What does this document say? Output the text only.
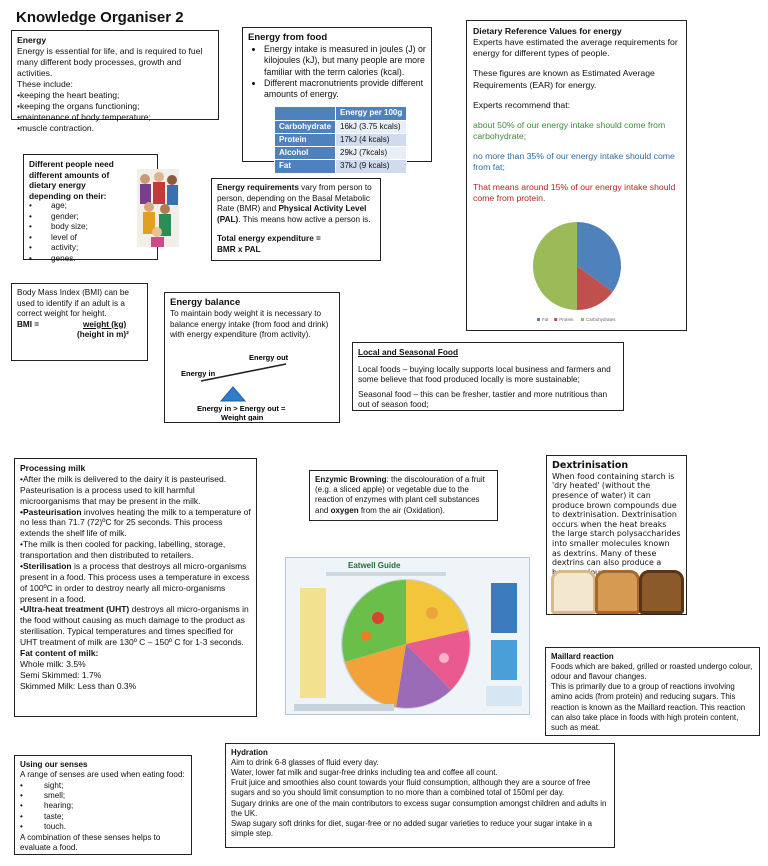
Knowledge Organiser 2
Energy
Energy is essential for life, and is required to fuel many different body processes, growth and activities.
These include:
•keeping the heart beating;
•keeping the organs functioning;
•maintenance of body temperature;
•muscle contraction.
Energy from food
• Energy intake is measured in joules (J) or kilojoules (kJ), but many people are more familiar with the term calories (kcal).
• Different macronutrients provide different amounts of energy.
	Energy per 100g
Carbohydrate	16kJ (3.75 kcals)
Protein	17kJ (4 kcals)
Alcohol	29kJ (7kcals)
Fat	37kJ (9 kcals)
Dietary Reference Values for energy
Experts have estimated the average requirements for energy for different types of people.
These figures are known as Estimated Average Requirements (EAR) for energy.
Experts recommend that:
about 50% of our energy intake should come from carbohydrate;
no more than 35% of our energy intake should come from fat;
That means around 15% of our energy intake should come from protein.
Fat Protein	Carbohydrates
Different people need different amounts of dietary energy depending on their:
• age;
• gender;
• body size;
• level of
• activity;
• genes.
Energy requirements vary from person to person, depending on the Basal Metabolic Rate (BMR) and Physical Activity Level (PAL). This means how active a person is.
Total energy expenditure =
BMR x PAL
Body Mass Index (BMI) can be used to identify if an adult is a correct weight for height.
BMI =	weight (kg)
(height in m)²
Energy balance
To maintain body weight it is necessary to balance energy intake (from food and drink) with energy expenditure (from activity).
Energy out
Energy in
Energy in > Energy out =
Weight gain
Local and Seasonal Food
Local foods – buying locally supports local business and farmers and some believe that food produced locally is more sustainable;
Seasonal food – this can be fresher, tastier and more nutritious than out of season food;
Processing milk
•After the milk is delivered to the dairy it is pasteurised. Pasteurisation is a process used to kill harmful microorganisms that may be present in the milk.
•Pasteurisation involves heating the milk to a temperature of no less than 71.7 (72)ºC for 25 seconds. This process extends the shelf life of milk.
•The milk is then cooled for packing, labelling, storage, transportation and then distributed to retailers.
•Sterilisation is a process that destroys all micro-organisms present in a food. This process uses a temperature in excess of 100ºC in order to destroy nearly all micro-organisms present in a food.
•Ultra-heat treatment (UHT) destroys all micro-organisms in the food without causing as much damage to the product as sterilisation. Typical temperatures and times specified for UHT treatment of milk are 130º C – 150º C for 1-3 seconds.
Fat content of milk:
Whole milk: 3.5%
Semi Skimmed: 1.7%
Skimmed Milk: Less than 0.3%
Enzymic Browning: the discolouration of a fruit (e.g. a sliced apple) or vegetable due to the reaction of enzymes with plant cell substances and oxygen from the air (Oxidation).
Eatwell Guide
Dextrinisation
When food containing starch is 'dry heated' (without the presence of water) it can produce brown compounds due to dextrinisation. Dextrinisation occurs when the heat breaks the large starch polysaccharides into smaller molecules known as dextrins. Many of these dextrins can also produce a
Maillard reaction
Foods which are baked, grilled or roasted undergo colour, odour and flavour changes.
This is primarily due to a group of reactions involving amino acids (from protein) and reducing sugars. This reaction is known as the Maillard reaction. This reaction can also take place in foods with high protein content, such as meat.
Using our senses
A range of senses are used when eating food:
•	sight;
•	smell;
•	hearing;
•	taste;
•	touch.
A combination of these senses helps to evaluate a food.
Hydration
Aim to drink 6-8 glasses of fluid every day.
Water, lower fat milk and sugar-free drinks including tea and coffee all count.
Fruit juice and smoothies also count towards your fluid consumption, although they are a source of free sugars and so you should limit consumption to no more than a combined total of 150ml per day.
Sugary drinks are one of the main contributors to excess sugar consumption amongst children and adults in the UK.
Swap sugary soft drinks for diet, sugar-free or no added sugar varieties to reduce your sugar intake in a simple step.
